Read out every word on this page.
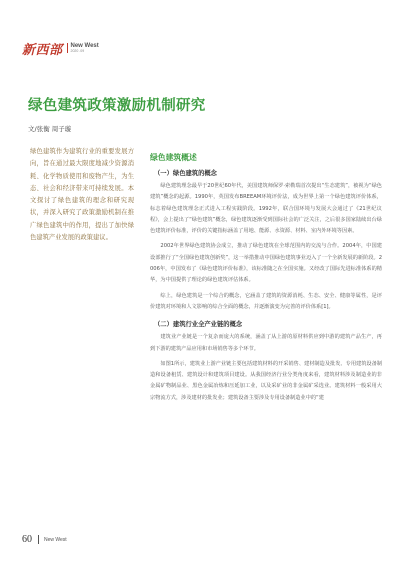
新西部 New West
2020 .09
绿色建筑政策激励机制研究
文/张衡 周子璇
绿色建筑作为建筑行业的重要发展方向，旨在通过最大限度地减少资源消耗、化学物质使用和废物产生，为生态、社会和经济带来可持续发展。本文探讨了绿色建筑的理念和研究现状，并深入研究了政策激励机制在推广绿色建筑中的作用，提出了加快绿色建筑产业发展的政策建议。
绿色建筑概述
（一）绿色建筑的概念

绿色建筑理念最早于20世纪60年代，美国建筑师保罗·索勒瑞首次提出“生态建筑”，被视为“绿色建筑”概念的起源。1990年，英国发布BREEAM环境评价法，成为世界上第一个绿色建筑评价体系，标志着绿色建筑理念正式进入工程实践阶段。1992年，联合国环境与发展大会通过了《21世纪议程》，会上提出了“绿色建筑”概念，绿色建筑逐渐受到国际社会的广泛关注，之后很多国家陆续出台绿色建筑评价标准，评价的关键指标涵盖了用地、能源、水资源、材料、室内外环境等因素。

2002年世界绿色建筑协会成立，推动了绿色建筑在全球范围内的交流与合作。2004年，中国建设部推行了“全国绿色建筑创新奖”，这一举措推动中国绿色建筑事业迈入了一个全新发展的新阶段。2006年，中国发布了《绿色建筑评价标准》，该标准随之在全国实施。又经改了国际先进标准体系的精华，为中国提供了理论的绿色建筑评估体系。

综上，绿色建筑是一个综合的概念，它涵盖了建筑的资源消耗、生态、安全、健康等属性，是评价建筑对环境和人文影响的综合全面的概念，并逐渐演变为完善的评价体系[1]。

（二）建筑行业全产业链的概念

建筑业产业链是一个复杂而庞大的系统，涵盖了从上游的原材料供应到中游的建筑产品生产，再到下游的建筑产品应用和市场销售等多个环节。

如图1所示，建筑业上游产业链主要包括建筑材料的开采销售、建材制造及批发、专用建筑设备制造和设备租赁、建筑设计和建筑项目建设。从我国经济行业分类角度来看，建筑材料涉及制造业的非金属矿物制品业、黑色金属冶炼和压延加工业，以及采矿业的非金属矿采选业。建筑材料一般采用大宗物流方式，涉及建材的批发业；建筑设备主要涉及专用设备制造业中的“建

60 New West
